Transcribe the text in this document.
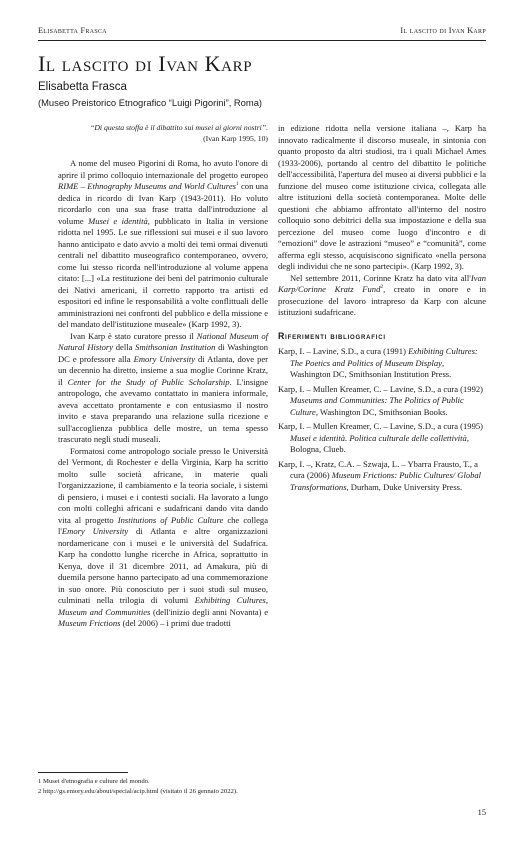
Elisabetta Frasca	Il lascito di Ivan Karp
Il lascito di Ivan Karp
Elisabetta Frasca
(Museo Preistorico Etnografico “Luigi Pigorini”, Roma)
“Di questa stoffa è il dibattito sui musei ai giorni nostri”.
(Ivan Karp 1995, 10)

A nome del museo Pigorini di Roma, ho avuto l'onore di aprire il primo colloquio internazionale del progetto europeo RIME – Ethnography Museums and World Cultures$^1$ con una dedica in ricordo di Ivan Karp (1943-2011). Ho voluto ricordarlo con una sua frase tratta dall'introduzione al volume Musei e identità, pubblicato in Italia in versione ridotta nel 1995. Le sue riflessioni sui musei e il suo lavoro hanno anticipato e dato avvio a molti dei temi ormai divenuti centrali nel dibattito museografico contemporaneo, ovvero, come lui stesso ricorda nell'introduzione al volume appena citato: [...] «La restituzione dei beni del patrimonio culturale dei Nativi americani, il corretto rapporto tra artisti ed espositori ed infine le responsabilità a volte conflittuali delle amministrazioni nei confronti del pubblico e della missione e del mandato dell'istituzione museale» (Karp 1992, 3).

Ivan Karp è stato curatore presso il National Museum of Natural History della Smithsonian Institution di Washington DC e professore alla Emory University di Atlanta, dove per un decennio ha diretto, insieme a sua moglie Corinne Kratz, il Center for the Study of Public Scholarship. L'insigne antropologo, che avevamo contattato in maniera informale, aveva accettato prontamente e con entusiasmo il nostro invito e stava preparando una relazione sulla ricezione e sull'accoglienza pubblica delle mostre, un tema spesso trascurato negli studi museali.

Formatosi come antropologo sociale presso le Università del Vermont, di Rochester e della Virginia, Karp ha scritto molto sulle società africane, in materie quali l'organizzazione, il cambiamento e la teoria sociale, i sistemi di pensiero, i musei e i contesti sociali. Ha lavorato a lungo con molti colleghi africani e sudafricani dando vita dando vita al progetto Institutions of Public Culture che collega l'Emory University di Atlanta e altre organizzazioni nordamericane con i musei e le università del Sudafrica. Karp ha condotto lunghe ricerche in Africa, soprattutto in Kenya, dove il 31 dicembre 2011, ad Amakura, più di duemila persone hanno partecipato ad una commemorazione in suo onore. Più conosciuto per i suoi studi sul museo, culminati nella trilogia di volumi Exhibiting Cultures, Museum and Communities (dell'inizio degli anni Novanta) e Museum Frictions (del 2006) – i primi due tradotti

in edizione ridotta nella versione italiana –, Karp ha innovato radicalmente il discorso museale, in sintonia con quanto proposto da altri studiosi, tra i quali Michael Ames (1933-2006), portando al centro del dibattito le politiche dell'accessibilità, l'apertura del museo ai diversi pubblici e la funzione del museo come istituzione civica, collegata alle altre istituzioni della società contemporanea. Molte delle questioni che abbiamo affrontato all'interno del nostro colloquio sono debitrici della sua impostazione e della sua percezione del museo come luogo d'incontro e di “emozioni” dove le astrazioni “museo” e “comunità”, come afferma egli stesso, acquisiscono significato «nella persona degli individui che ne sono partecipi». (Karp 1992, 3).

Nel settembre 2011, Corinne Kratz ha dato vita all'Ivan Karp/Corinne Kratz Fund$^2$, creato in onore e in prosecuzione del lavoro intrapreso da Karp con alcune istituzioni sudafricane.

Riferimenti bibliografici
Karp, I. – Lavine, S.D., a cura (1991) Exhibiting Cultures: The Poetics and Politics of Museum Display, Washington DC, Smithsonian Institution Press.
Karp, I. – Mullen Kreamer, C. – Lavine, S.D., a cura (1992) Museums and Communities: The Politics of Public Culture, Washington DC, Smithsonian Books.
Karp, I. – Mullen Kreamer, C. – Lavine, S.D., a cura (1995) Musei e identità. Politica culturale delle collettività, Bologna, Clueb.
Karp, I. –, Kratz, C.A. – Szwaja, L. – Ybarra Frausto, T., a cura (2006) Museum Frictions: Public Cultures/ Global Transformations, Durham, Duke University Press.
1 Musei d'etnografia e culture del mondo.
2 http://gs.emory.edu/about/special/acip.html (visitato il 26 gennaio 2022).
15
